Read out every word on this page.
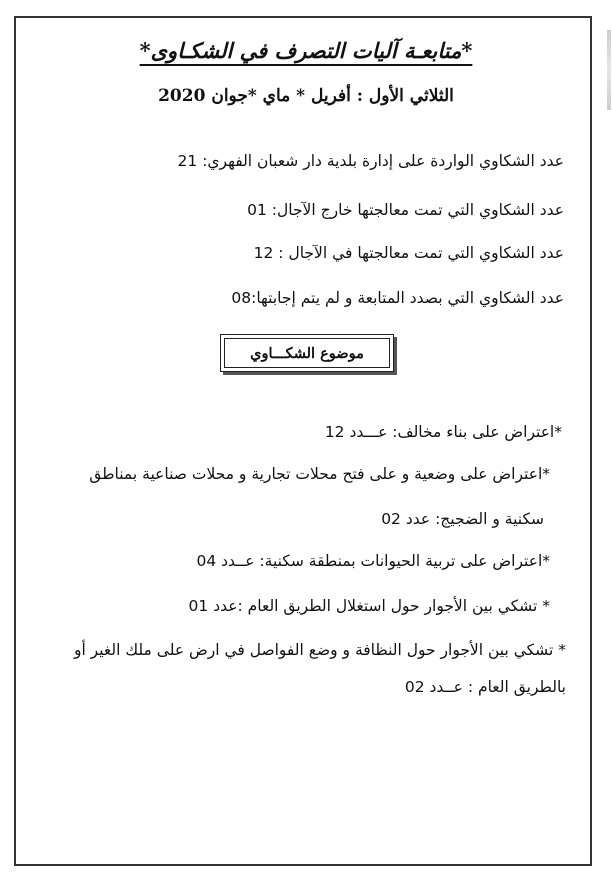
*متابعـة آليات التصرف في الشكـاوى*
الثلاثي الأول : أفريل * ماي *جوان 2020
عدد الشكاوي الواردة على إدارة بلدية دار شعبان الفهري: 21
عدد الشكاوي التي تمت معالجتها خارج الآجال: 01
عدد الشكاوي التي تمت معالجتها في الآجال : 12
عدد الشكاوي التي بصدد المتابعة و لم يتم إجابتها:08
موضوع الشكـــاوي
*اعتراض على بناء مخالف: عـــدد 12
*اعتراض على وضعية و على فتح محلات تجارية و محلات صناعية بمناطق
سكنية و الضجيج: عدد 02
*اعتراض على تربية الحيوانات بمنطقة سكنية: عــدد 04
* تشكي بين الأجوار حول استغلال الطريق العام :عدد 01
* تشكي بين الأجوار حول النظافة و وضع الفواصل في ارض على ملك الغير أو
بالطريق العام : عــدد 02
